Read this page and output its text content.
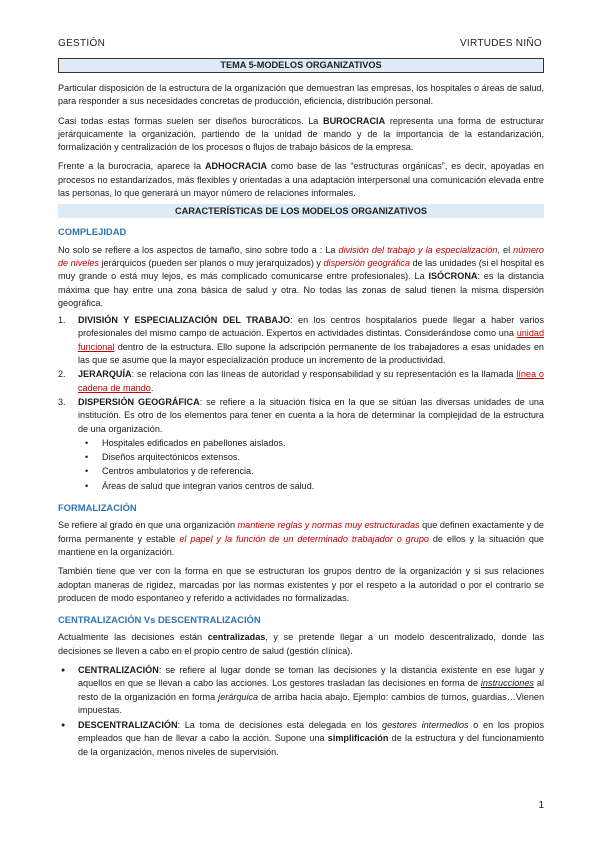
GESTIÓN	VIRTUDES NIÑO
TEMA 5-MODELOS ORGANIZATIVOS

Particular disposición de la estructura de la organización que demuestran las empresas, los hospitales o áreas de salud, para responder a sus necesidades concretas de producción, eficiencia, distribución personal.

Casi todas estas formas suelen ser diseños burocráticos. La BUROCRACIA representa una forma de estructurar jerárquicamente la organización, partiendo de la unidad de mando y de la importancia de la estandarización, formalización y centralización de los procesos o flujos de trabajo básicos de la empresa.

Frente a la burocracia, aparece la ADHOCRACIA como base de las “estructuras orgánicas”, es decir, apoyadas en procesos no estandarizados, más flexibles y orientadas a una adaptación interpersonal una comunicación elevada entre las personas, lo que generará un mayor número de relaciones informales.

CARACTERÍSTICAS DE LOS MODELOS ORGANIZATIVOS
COMPLEJIDAD

No solo se refiere a los aspectos de tamaño, sino sobre todo a : La división del trabajo y la especialización, el número de niveles jerárquicos (pueden ser planos o muy jerarquizados) y dispersión geográfica de las unidades (si el hospital es muy grande o está muy lejos, es más complicado comunicarse entre profesionales). La ISÓCRONA: es la distancia máxima que hay entre una zona básica de salud y otra. No todas las zonas de salud tienen la misma dispersión geográfica.

1. DIVISIÓN Y ESPECIALIZACIÓN DEL TRABAJO: en los centros hospitalarios puede llegar a haber varios profesionales del mismo campo de actuación. Expertos en actividades distintas. Considerándose como una unidad funcional dentro de la estructura. Ello supone la adscripción permanente de los trabajadores a esas unidades en las que se asume que la mayor especialización produce un incremento de la productividad.
2. JERARQUÍA: se relaciona con las líneas de autoridad y responsabilidad y su representación es la llamada línea o cadena de mando.
3. DISPERSIÓN GEOGRÁFICA: se refiere a la situación física en la que se sitúan las diversas unidades de una institución. Es otro de los elementos para tener en cuenta a la hora de determinar la complejidad de la estructura de una organización.
• Hospitales edificados en pabellones aislados.
• Diseños arquitectónicos extensos.
• Centros ambulatorios y de referencia.
• Áreas de salud que integran varios centros de salud.
FORMALIZACIÓN

Se refiere al grado en que una organización mantiene reglas y normas muy estructuradas que definen exactamente y de forma permanente y estable el papel y la función de un determinado trabajador o grupo de ellos y la situación que mantiene en la organización.

También tiene que ver con la forma en que se estructuran los grupos dentro de la organización y si sus relaciones adoptan maneras de rigidez, marcadas por las normas existentes y por el respeto a la autoridad o por el contrario se producen de modo espontaneo y referido a actividades no formalizadas.

CENTRALIZACIÓN Vs DESCENTRALIZACIÓN

Actualmente las decisiones están centralizadas, y se pretende llegar a un modelo descentralizado, donde las decisiones se lleven a cabo en el propio centro de salud (gestión clínica).

● CENTRALIZACIÓN: se refiere al lugar donde se toman las decisiones y la distancia existente en ese lugar y aquellos en que se llevan a cabo las acciones. Los gestores trasladan las decisiones en forma de instrucciones al resto de la organización en forma jerárquica de arriba hacia abajo. Ejemplo: cambios de turnos, guardias…Vienen impuestas.
● DESCENTRALIZACIÓN: La toma de decisiones esta delegada en los gestores intermedios o en los propios empleados que han de llevar a cabo la acción. Supone una simplificación de la estructura y del funcionamiento de la organización, menos niveles de supervisión.
1
